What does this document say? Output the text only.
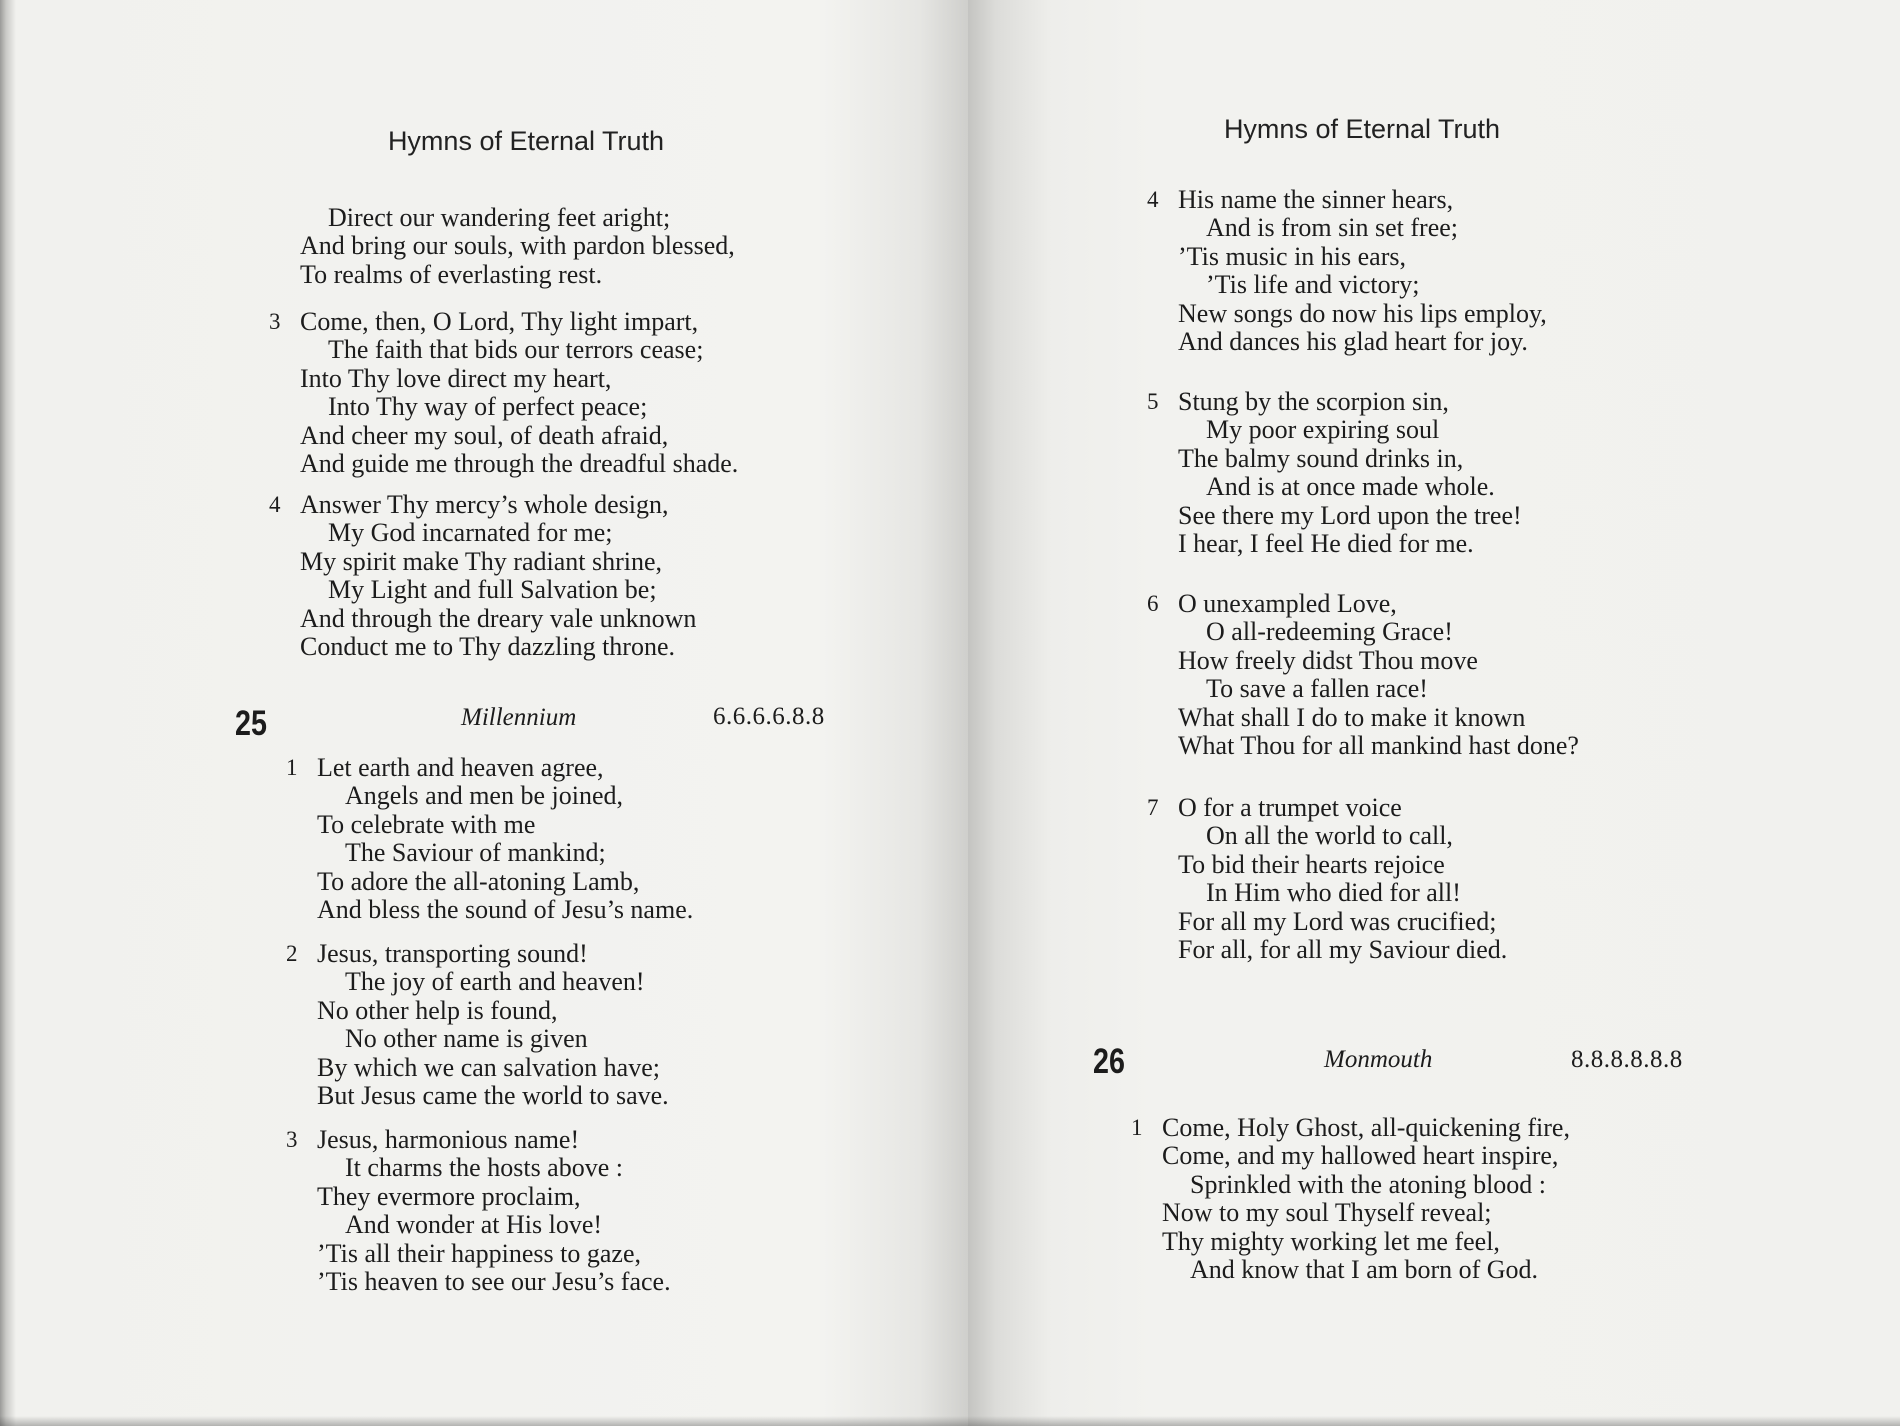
Hymns of Eternal Truth
Direct our wandering feet aright;
And bring our souls, with pardon blessed,
To realms of everlasting rest.
3 Come, then, O Lord, Thy light impart,
The faith that bids our terrors cease;
Into Thy love direct my heart,
Into Thy way of perfect peace;
And cheer my soul, of death afraid,
And guide me through the dreadful shade.
4 Answer Thy mercy’s whole design,
My God incarnated for me;
My spirit make Thy radiant shrine,
My Light and full Salvation be;
And through the dreary vale unknown
Conduct me to Thy dazzling throne.
25	Millennium	6.6.6.6.8.8
1 Let earth and heaven agree,
Angels and men be joined,
To celebrate with me
The Saviour of mankind;
To adore the all-atoning Lamb,
And bless the sound of Jesu’s name.
2 Jesus, transporting sound!
The joy of earth and heaven!
No other help is found,
No other name is given
By which we can salvation have;
But Jesus came the world to save.
3 Jesus, harmonious name!
It charms the hosts above :
They evermore proclaim,
And wonder at His love!
’Tis all their happiness to gaze,
’Tis heaven to see our Jesu’s face.
Hymns of Eternal Truth
4 His name the sinner hears,
And is from sin set free;
’Tis music in his ears,
’Tis life and victory;
New songs do now his lips employ,
And dances his glad heart for joy.
5 Stung by the scorpion sin,
My poor expiring soul
The balmy sound drinks in,
And is at once made whole.
See there my Lord upon the tree!
I hear, I feel He died for me.
6 O unexampled Love,
O all-redeeming Grace!
How freely didst Thou move
To save a fallen race!
What shall I do to make it known
What Thou for all mankind hast done?
7 O for a trumpet voice
On all the world to call,
To bid their hearts rejoice
In Him who died for all!
For all my Lord was crucified;
For all, for all my Saviour died.
26	Monmouth	8.8.8.8.8.8
1 Come, Holy Ghost, all-quickening fire,
Come, and my hallowed heart inspire,
Sprinkled with the atoning blood :
Now to my soul Thyself reveal;
Thy mighty working let me feel,
And know that I am born of God.
